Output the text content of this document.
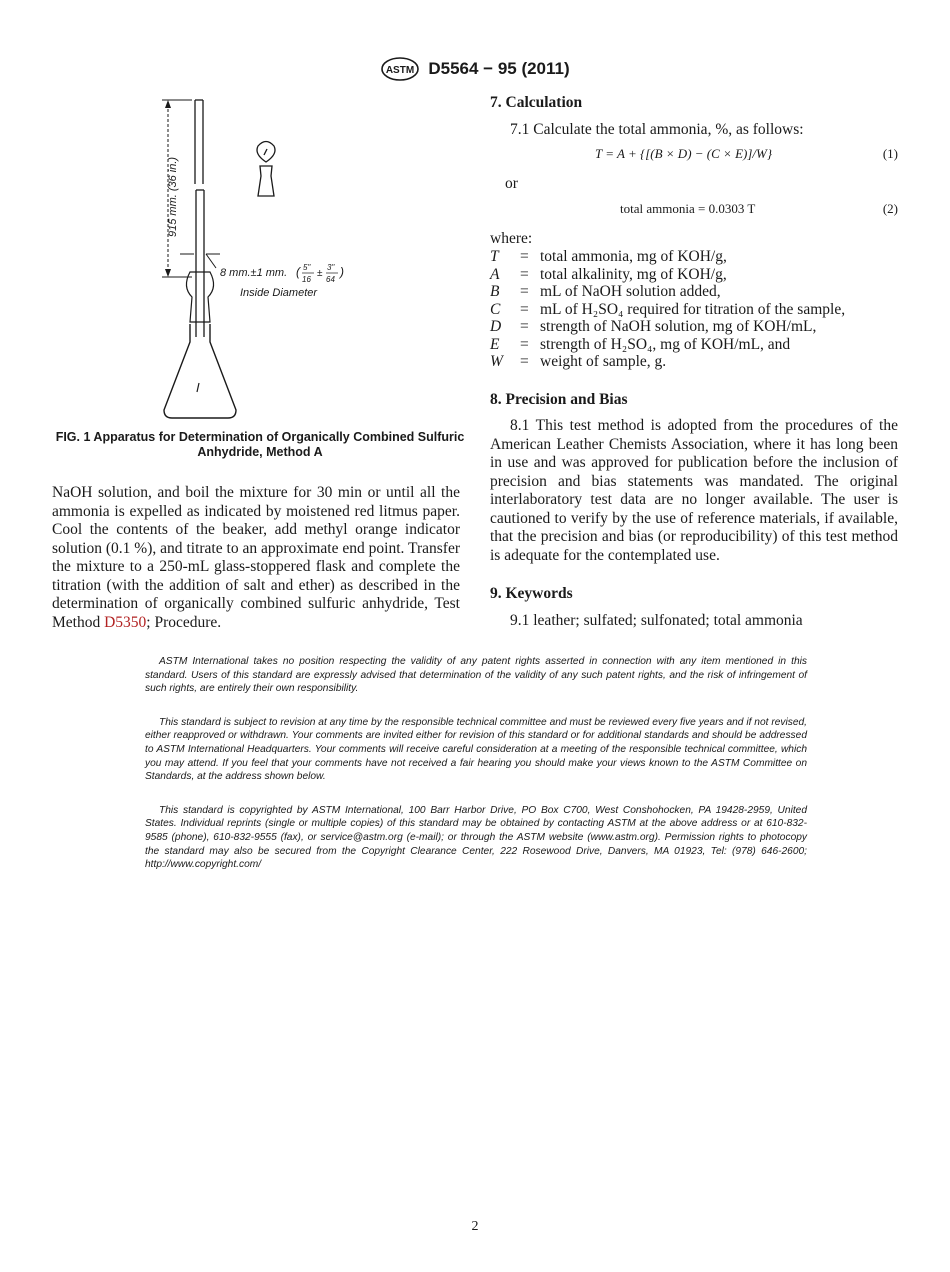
ASTM D5564 − 95 (2011)
915 mm. (36 in.)
8 mm.±1 mm. ( 5"
16
±
3"
64
)
Inside Diameter
FIG. 1 Apparatus for Determination of Organically Combined Sulfuric Anhydride, Method A
NaOH solution, and boil the mixture for 30 min or until all the ammonia is expelled as indicated by moistened red litmus paper. Cool the contents of the beaker, add methyl orange indicator solution (0.1 %), and titrate to an approximate end point. Transfer the mixture to a 250-mL glass-stoppered flask and complete the titration (with the addition of salt and ether) as described in the determination of organically combined sulfuric anhydride, Test Method D5350; Procedure.
7. Calculation
7.1 Calculate the total ammonia, %, as follows:
T = A + {[(B × D) − (C × E)]/W}	(1)
or
total ammonia = 0.0303 T	(2)
where:
T	=	total ammonia, mg of KOH/g,
A	=	total alkalinity, mg of KOH/g,
B	=	mL of NaOH solution added,
C	=	mL of H₂SO₄ required for titration of the sample,
D	=	strength of NaOH solution, mg of KOH/mL,
E	=	strength of H₂SO₄, mg of KOH/mL, and
W	=	weight of sample, g.
8. Precision and Bias
8.1 This test method is adopted from the procedures of the American Leather Chemists Association, where it has long been in use and was approved for publication before the inclusion of precision and bias statements was mandated. The original interlaboratory test data are no longer available. The user is cautioned to verify by the use of reference materials, if available, that the precision and bias (or reproducibility) of this test method is adequate for the contemplated use.
9. Keywords
9.1 leather; sulfated; sulfonated; total ammonia

ASTM International takes no position respecting the validity of any patent rights asserted in connection with any item mentioned in this standard. Users of this standard are expressly advised that determination of the validity of any such patent rights, and the risk of infringement of such rights, are entirely their own responsibility.

This standard is subject to revision at any time by the responsible technical committee and must be reviewed every five years and if not revised, either reapproved or withdrawn. Your comments are invited either for revision of this standard or for additional standards and should be addressed to ASTM International Headquarters. Your comments will receive careful consideration at a meeting of the responsible technical committee, which you may attend. If you feel that your comments have not received a fair hearing you should make your views known to the ASTM Committee on Standards, at the address shown below.

This standard is copyrighted by ASTM International, 100 Barr Harbor Drive, PO Box C700, West Conshohocken, PA 19428-2959, United States. Individual reprints (single or multiple copies) of this standard may be obtained by contacting ASTM at the above address or at 610-832-9585 (phone), 610-832-9555 (fax), or service@astm.org (e-mail); or through the ASTM website (www.astm.org). Permission rights to photocopy the standard may also be secured from the Copyright Clearance Center, 222 Rosewood Drive, Danvers, MA 01923, Tel: (978) 646-2600; http://www.copyright.com/

2
